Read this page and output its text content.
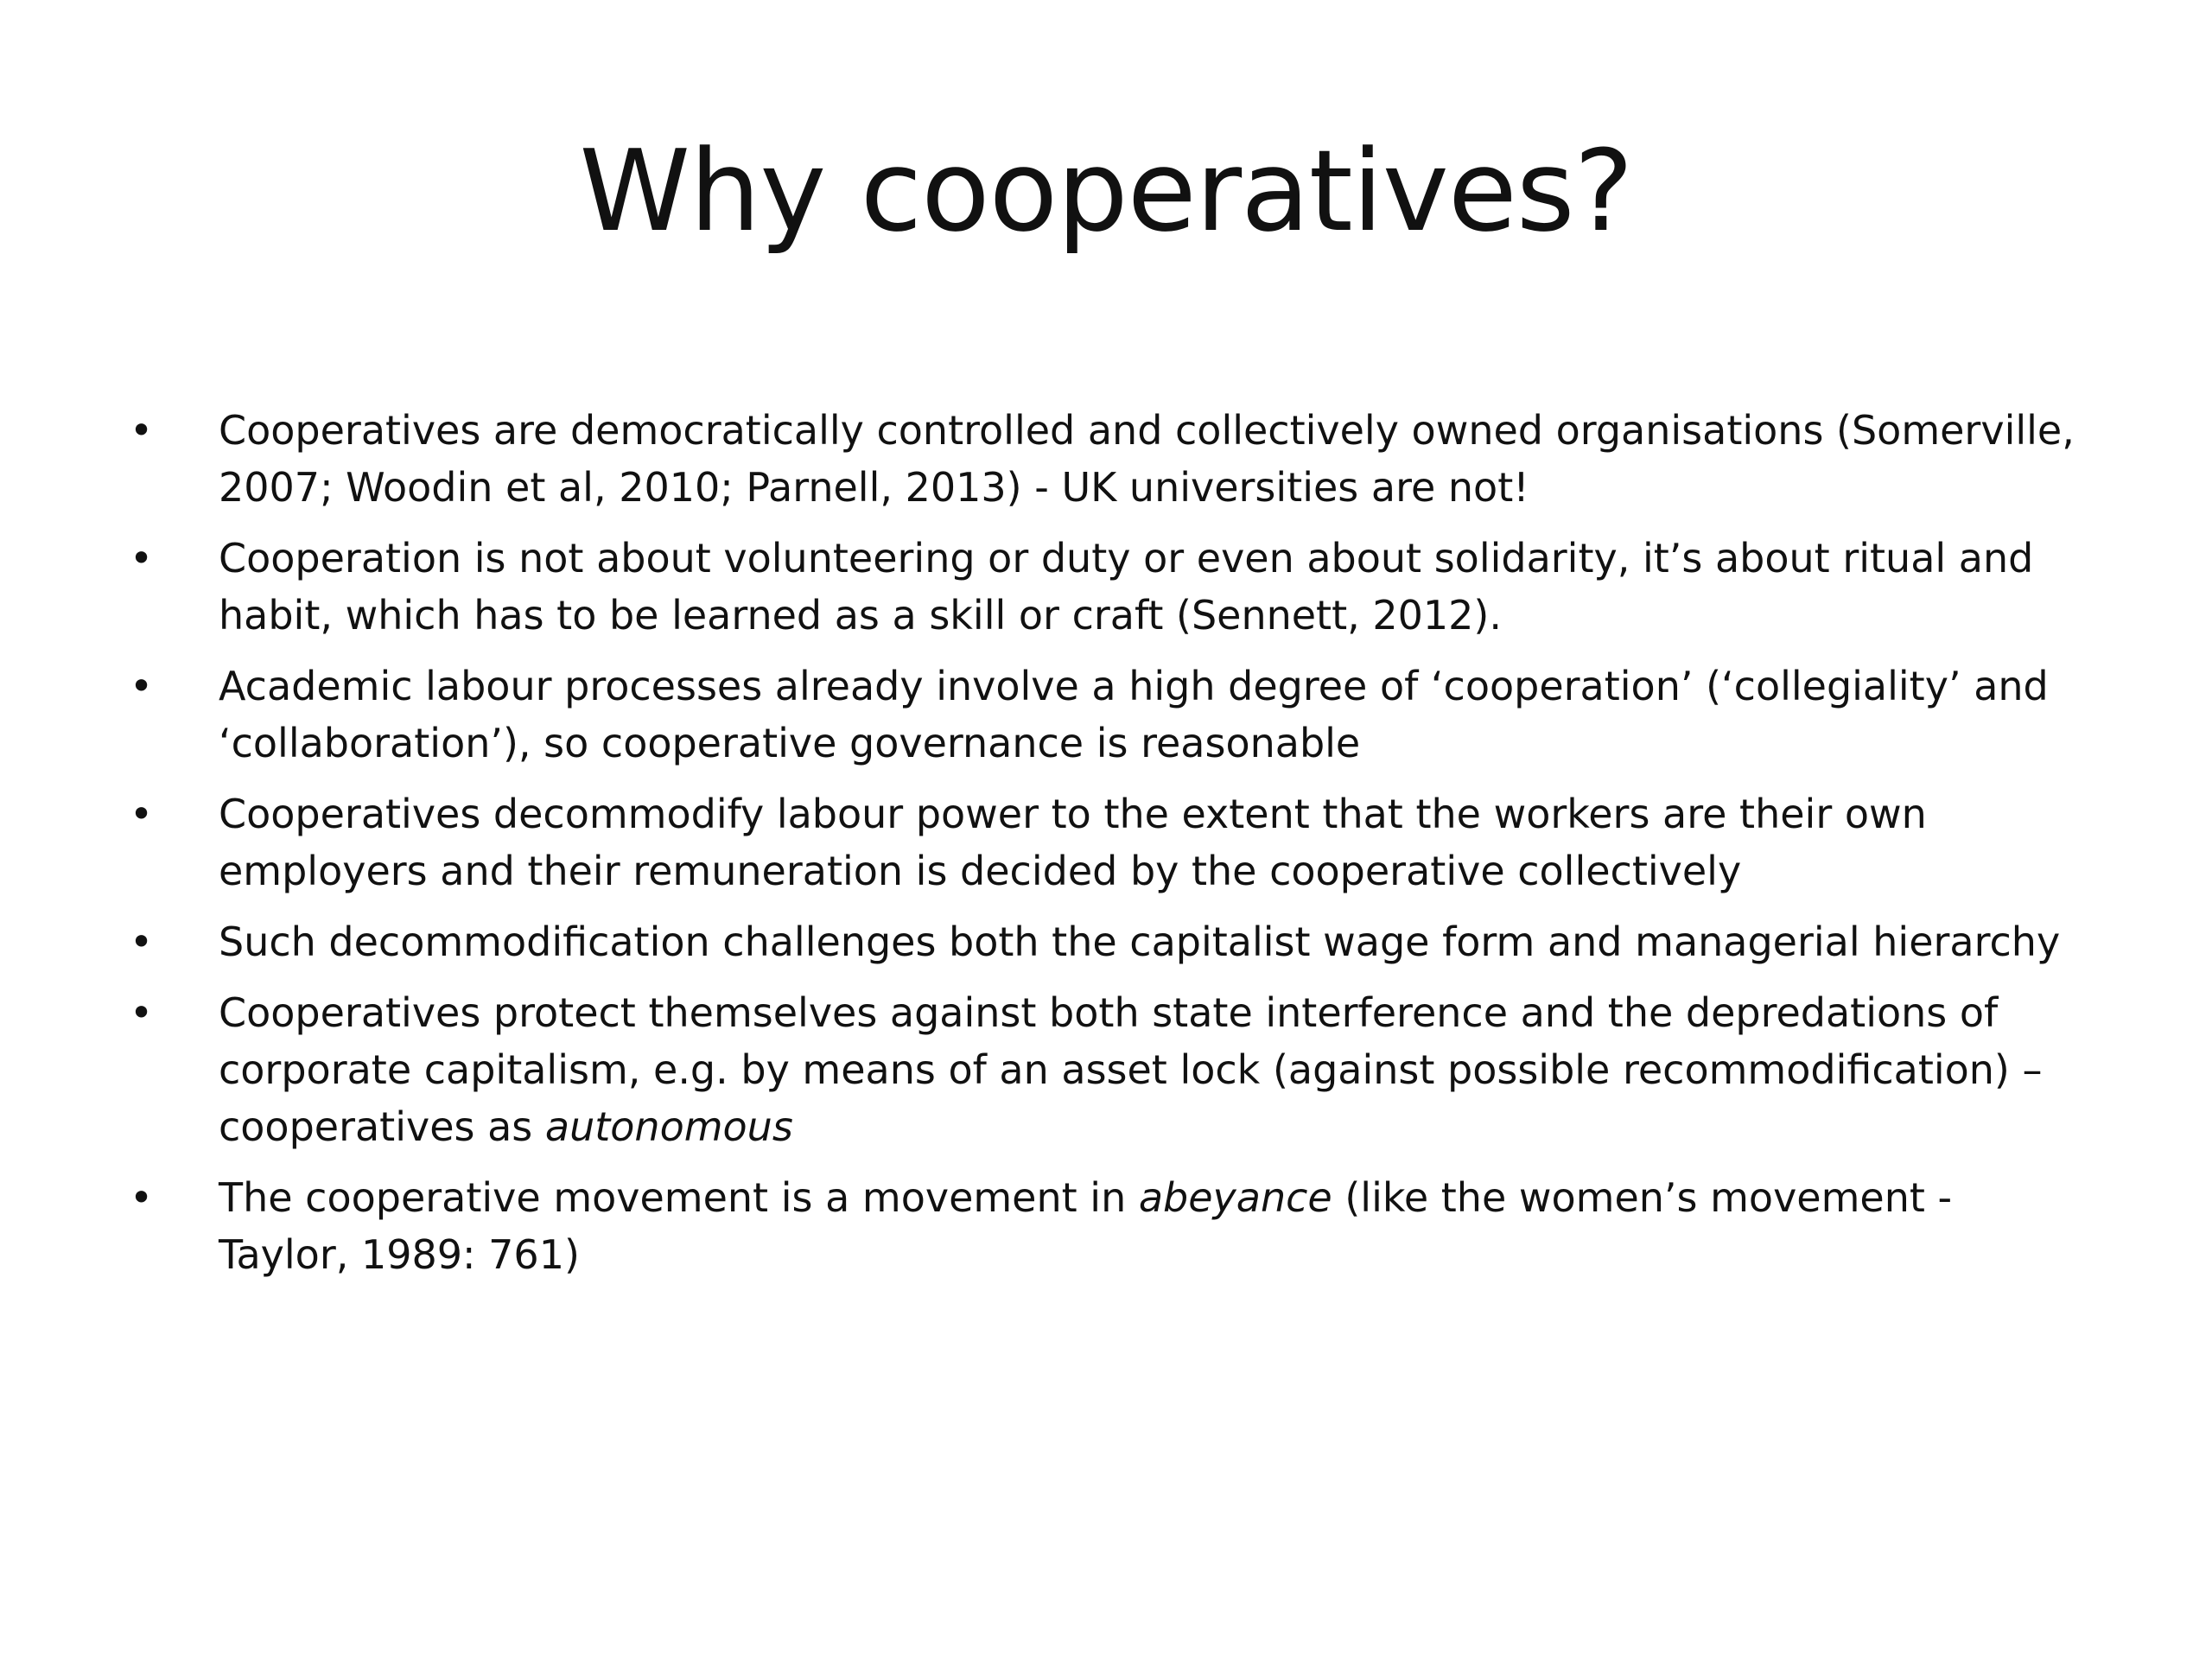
Why cooperatives?
• Cooperatives are democratically controlled and collectively owned organisations (Somerville, 2007; Woodin et al, 2010; Parnell, 2013) - UK universities are not!
• Cooperation is not about volunteering or duty or even about solidarity, it’s about ritual and habit, which has to be learned as a skill or craft (Sennett, 2012).
• Academic labour processes already involve a high degree of ‘cooperation’ (‘collegiality’ and ‘collaboration’), so cooperative governance is reasonable
• Cooperatives decommodify labour power to the extent that the workers are their own employers and their remuneration is decided by the cooperative collectively
• Such decommodification challenges both the capitalist wage form and managerial hierarchy
• Cooperatives protect themselves against both state interference and the depredations of corporate capitalism, e.g. by means of an asset lock (against possible recommodification) – cooperatives as autonomous
• The cooperative movement is a movement in abeyance (like the women’s movement - Taylor, 1989: 761)
